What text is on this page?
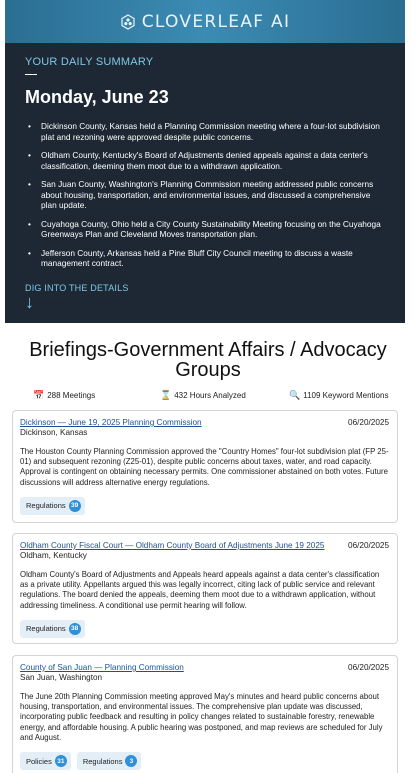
CLOVERLEAF AI
YOUR DAILY SUMMARY
Monday, June 23
• Dickinson County, Kansas held a Planning Commission meeting where a four-lot subdivision plat and rezoning were approved despite public concerns.
• Oldham County, Kentucky's Board of Adjustments denied appeals against a data center's classification, deeming them moot due to a withdrawn application.
• San Juan County, Washington's Planning Commission meeting addressed public concerns about housing, transportation, and environmental issues, and discussed a comprehensive plan update.
• Cuyahoga County, Ohio held a City County Sustainability Meeting focusing on the Cuyahoga Greenways Plan and Cleveland Moves transportation plan.
• Jefferson County, Arkansas held a Pine Bluff City Council meeting to discuss a waste management contract.
DIG INTO THE DETAILS
↓
Briefings-Government Affairs / Advocacy Groups
📅 288 Meetings	⌛ 432 Hours Analyzed	🔍 1109 Keyword Mentions
Dickinson — June 19, 2025 Planning Commission	06/20/2025
Dickinson, Kansas
The Houston County Planning Commission approved the "Country Homes" four-lot subdivision plat (FP 25-01) and subsequent rezoning (Z25-01), despite public concerns about taxes, water, and road capacity. Approval is contingent on obtaining necessary permits. One commissioner abstained on both votes. Future discussions will address alternative energy regulations.
Regulations 39
Oldham County Fiscal Court — Oldham County Board of Adjustments June 19 2025	06/20/2025
Oldham, Kentucky
Oldham County's Board of Adjustments and Appeals heard appeals against a data center's classification as a private utility. Appellants argued this was legally incorrect, citing lack of public service and relevant regulations. The board denied the appeals, deeming them moot due to a withdrawn application, without addressing timeliness. A conditional use permit hearing will follow.
Regulations 38
County of San Juan — Planning Commission	06/20/2025
San Juan, Washington
The June 20th Planning Commission meeting approved May's minutes and heard public concerns about housing, transportation, and environmental issues. The comprehensive plan update was discussed, incorporating public feedback and resulting in policy changes related to sustainable forestry, renewable energy, and affordable housing. A public hearing was postponed, and map reviews are scheduled for July and August.
Policies 31	Regulations	3
